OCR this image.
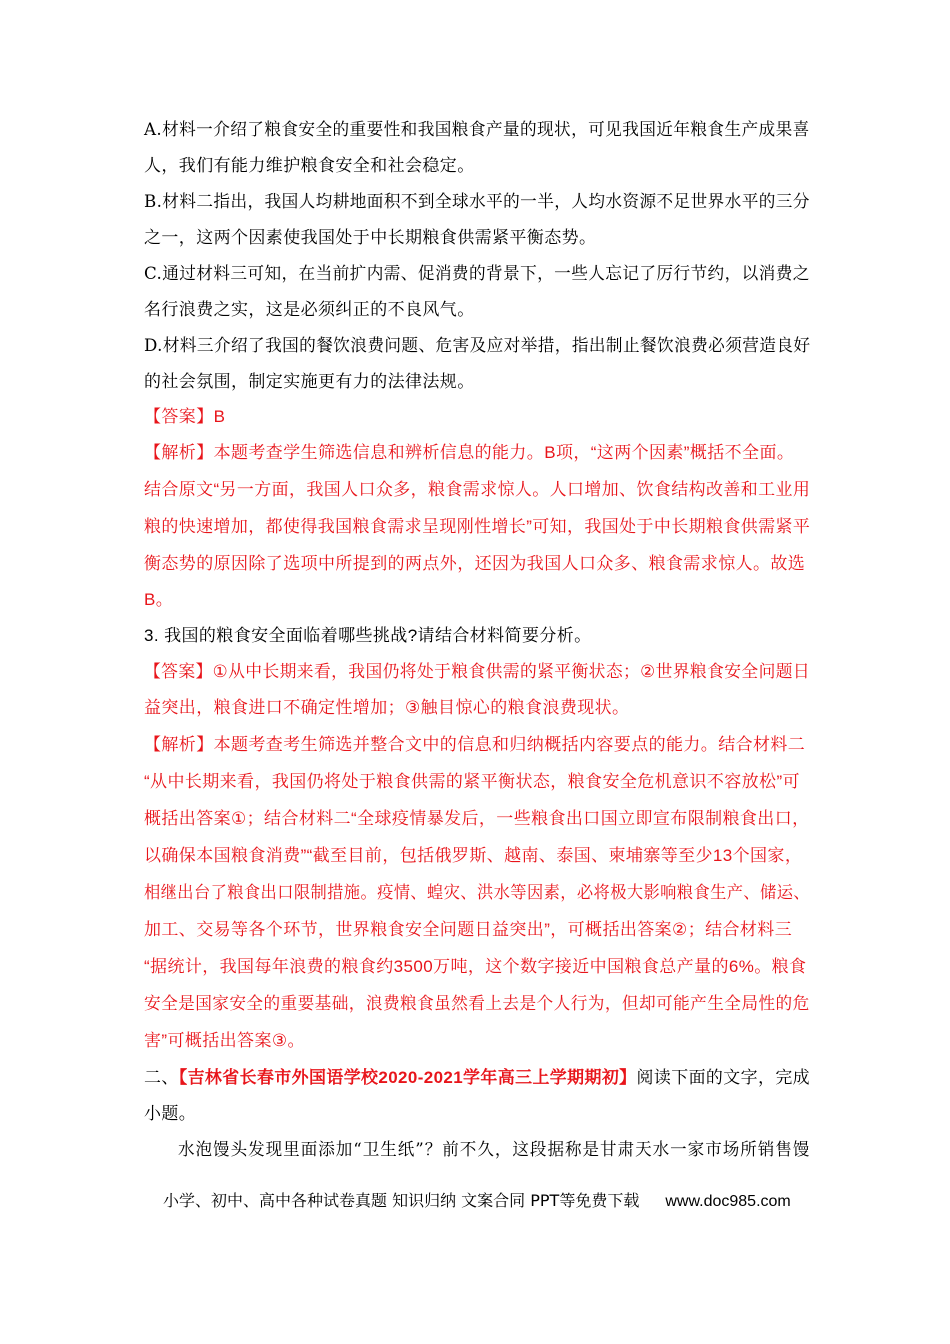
A.材料一介绍了粮食安全的重要性和我国粮食产量的现状，可见我国近年粮食生产成果喜
人，我们有能力维护粮食安全和社会稳定。
B.材料二指出，我国人均耕地面积不到全球水平的一半，人均水资源不足世界水平的三分
之一，这两个因素使我国处于中长期粮食供需紧平衡态势。
C.通过材料三可知，在当前扩内需、促消费的背景下，一些人忘记了厉行节约，以消费之
名行浪费之实，这是必须纠正的不良风气。
D.材料三介绍了我国的餐饮浪费问题、危害及应对举措，指出制止餐饮浪费必须营造良好
的社会氛围，制定实施更有力的法律法规。
【答案】B
【解析】本题考查学生筛选信息和辨析信息的能力。B项，“这两个因素”概括不全面。
结合原文“另一方面，我国人口众多，粮食需求惊人。人口增加、饮食结构改善和工业用
粮的快速增加，都使得我国粮食需求呈现刚性增长”可知，我国处于中长期粮食供需紧平
衡态势的原因除了选项中所提到的两点外，还因为我国人口众多、粮食需求惊人。故选
B。
3. 我国的粮食安全面临着哪些挑战?请结合材料简要分析。
【答案】①从中长期来看，我国仍将处于粮食供需的紧平衡状态；②世界粮食安全问题日
益突出，粮食进口不确定性增加；③触目惊心的粮食浪费现状。
【解析】本题考查考生筛选并整合文中的信息和归纳概括内容要点的能力。结合材料二
“从中长期来看，我国仍将处于粮食供需的紧平衡状态，粮食安全危机意识不容放松”可
概括出答案①；结合材料二“全球疫情暴发后，一些粮食出口国立即宣布限制粮食出口，
以确保本国粮食消费”“截至目前，包括俄罗斯、越南、泰国、柬埔寨等至少13个国家，
相继出台了粮食出口限制措施。疫情、蝗灾、洪水等因素，必将极大影响粮食生产、储运、
加工、交易等各个环节，世界粮食安全问题日益突出”，可概括出答案②；结合材料三
“据统计，我国每年浪费的粮食约3500万吨，这个数字接近中国粮食总产量的6%。粮食
安全是国家安全的重要基础，浪费粮食虽然看上去是个人行为，但却可能产生全局性的危
害”可概括出答案③。
二、【吉林省长春市外国语学校2020-2021学年高三上学期期初】阅读下面的文字，完成
小题。
水泡馒头发现里面添加“卫生纸”？前不久，这段据称是甘肃天水一家市场所销售馒
小学、初中、高中各种试卷真题 知识归纳 文案合同 PPT等免费下载 www.doc985.com
